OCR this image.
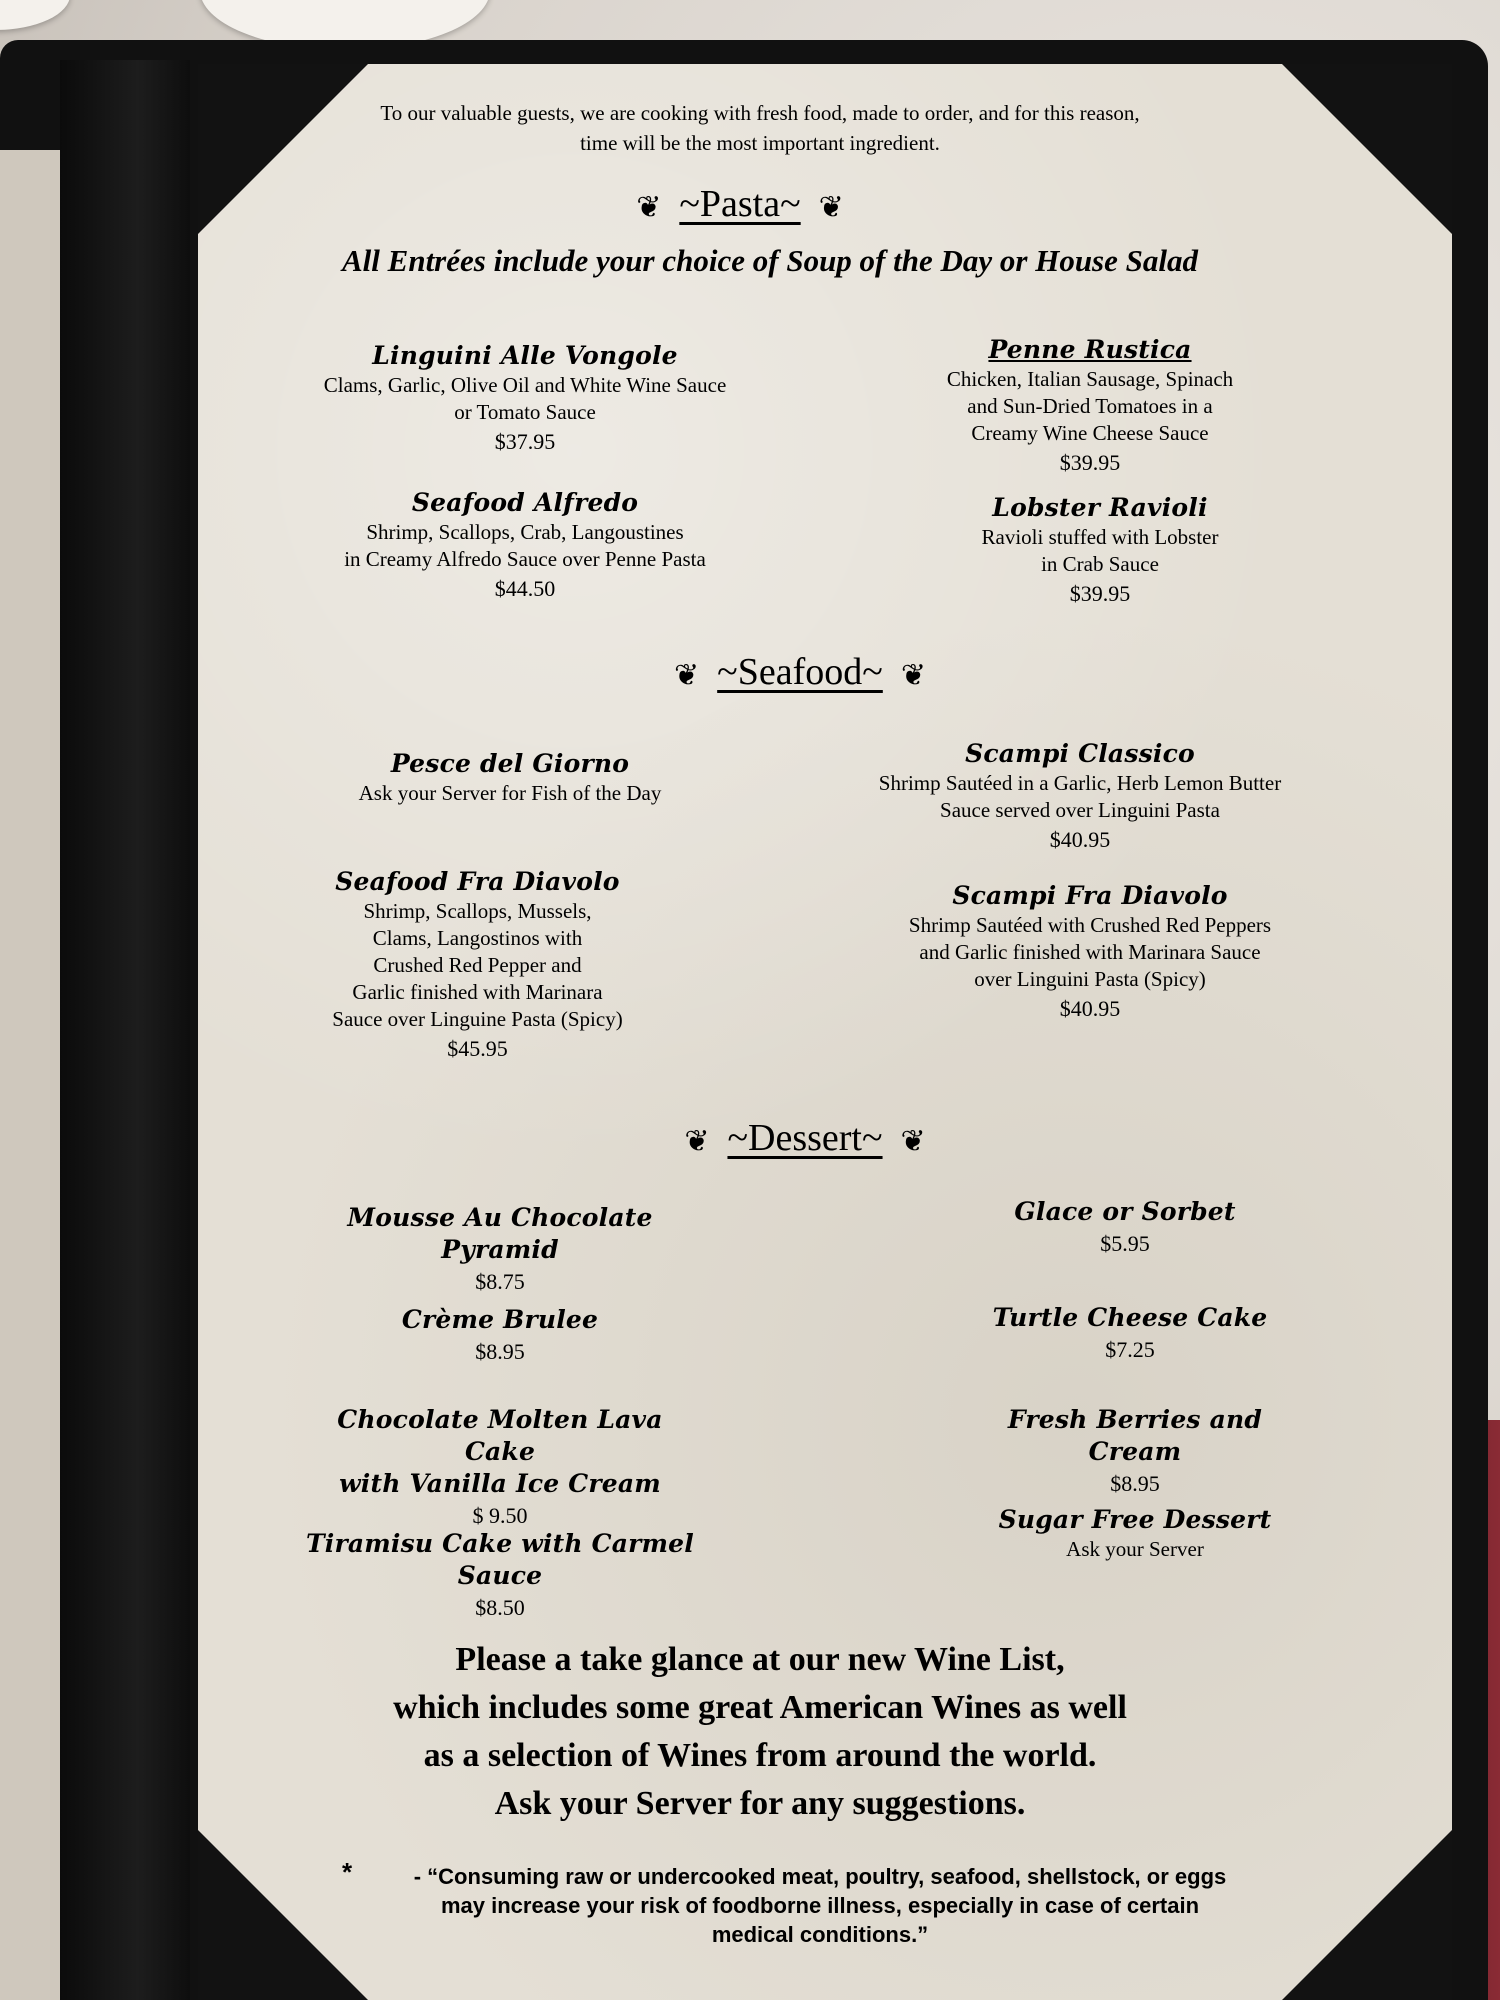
To our valuable guests, we are cooking with fresh food, made to order, and for this reason,
time will be the most important ingredient.
❦ ~Pasta~ ❦
All Entrées include your choice of Soup of the Day or House Salad
Linguini Alle Vongole
Clams, Garlic, Olive Oil and White Wine Sauce
or Tomato Sauce
$37.95
Penne Rustica
Chicken, Italian Sausage, Spinach
and Sun-Dried Tomatoes in a
Creamy Wine Cheese Sauce
$39.95
Seafood Alfredo
Shrimp, Scallops, Crab, Langoustines
in Creamy Alfredo Sauce over Penne Pasta
$44.50
Lobster Ravioli
Ravioli stuffed with Lobster
in Crab Sauce
$39.95
❦ ~Seafood~ ❦
Pesce del Giorno
Ask your Server for Fish of the Day
Scampi Classico
Shrimp Sautéed in a Garlic, Herb Lemon Butter
Sauce served over Linguini Pasta
$40.95
Seafood Fra Diavolo
Shrimp, Scallops, Mussels,
Clams, Langostinos with
Crushed Red Pepper and
Garlic finished with Marinara
Sauce over Linguine Pasta (Spicy)
$45.95
Scampi Fra Diavolo
Shrimp Sautéed with Crushed Red Peppers
and Garlic finished with Marinara Sauce
over Linguini Pasta (Spicy)
$40.95
❦ ~Dessert~ ❦
Mousse Au Chocolate Pyramid
$8.75
Glace or Sorbet
$5.95
Crème Brulee
$8.95
Turtle Cheese Cake
$7.25
Chocolate Molten Lava Cake
with Vanilla Ice Cream
$ 9.50
Fresh Berries and Cream
$8.95
Tiramisu Cake with Carmel Sauce
$8.50
Sugar Free Dessert
Ask your Server
Please a take glance at our new Wine List,
which includes some great American Wines as well
as a selection of Wines from around the world.
Ask your Server for any suggestions.
*	- “Consuming raw or undercooked meat, poultry, seafood, shellstock, or eggs
may increase your risk of foodborne illness, especially in case of certain
medical conditions.”
